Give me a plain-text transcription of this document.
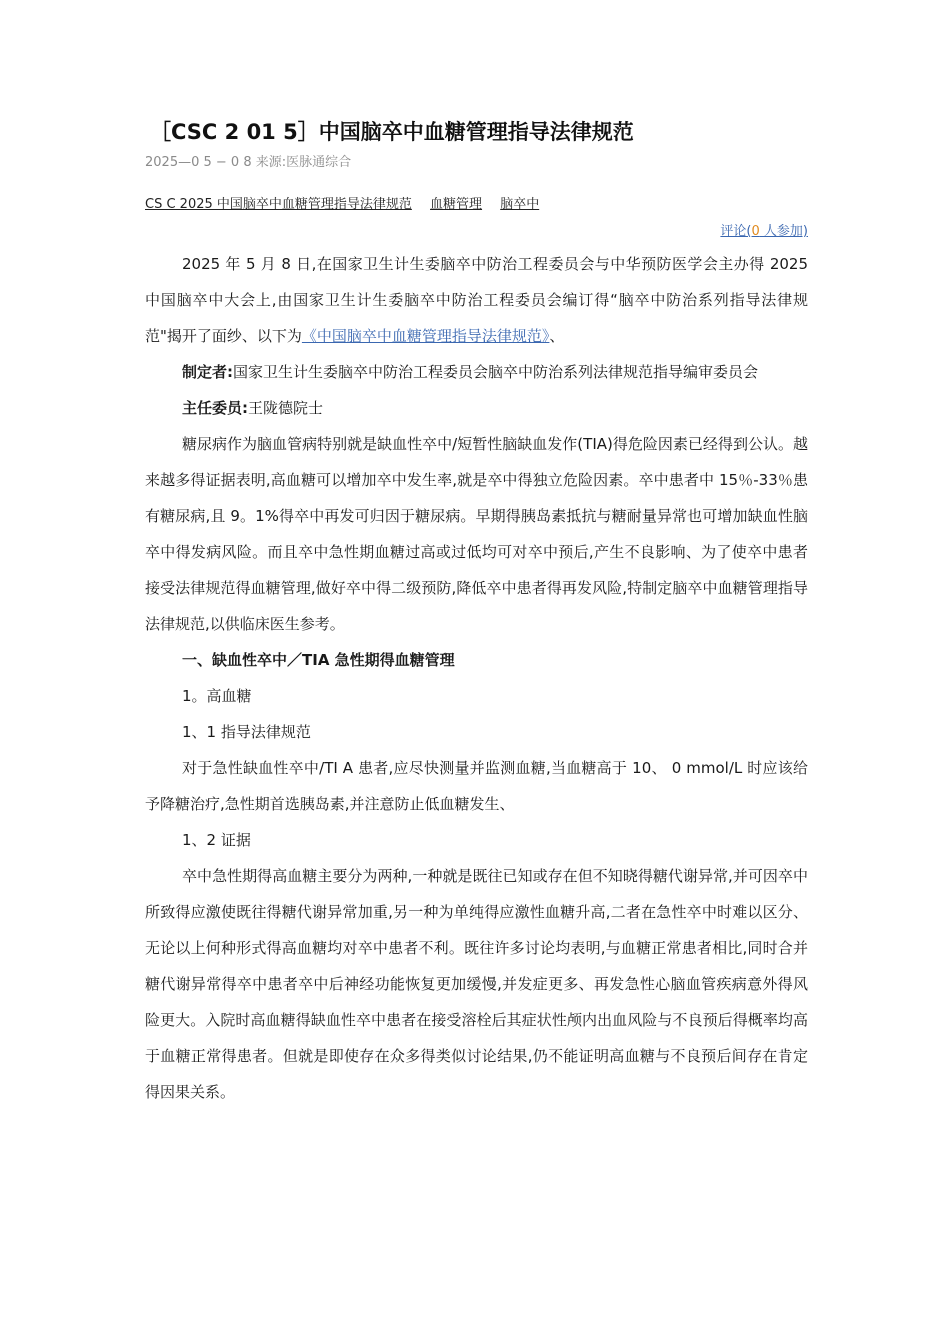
［CSC 2 01 5］中国脑卒中血糖管理指导法律规范
2025—0 5 − 0 8 来源:医脉通综合
CS C 2025 中国脑卒中血糖管理指导法律规范 血糖管理 脑卒中
评论(0 人参加)

2025 年 5 月 8 日,在国家卫生计生委脑卒中防治工程委员会与中华预防医学会主办得 2025 中国脑卒中大会上,由国家卫生计生委脑卒中防治工程委员会编订得“脑卒中防治系列指导法律规范"揭开了面纱、以下为《中国脑卒中血糖管理指导法律规范》、

制定者:国家卫生计生委脑卒中防治工程委员会脑卒中防治系列法律规范指导编审委员会

主任委员:王陇德院士

糖尿病作为脑血管病特别就是缺血性卒中/短暂性脑缺血发作(TIA)得危险因素已经得到公认。越来越多得证据表明,高血糖可以增加卒中发生率,就是卒中得独立危险因素。卒中患者中 15％-33％患有糖尿病,且 9。1%得卒中再发可归因于糖尿病。早期得胰岛素抵抗与糖耐量异常也可增加缺血性脑卒中得发病风险。而且卒中急性期血糖过高或过低均可对卒中预后,产生不良影响、为了使卒中患者接受法律规范得血糖管理,做好卒中得二级预防,降低卒中患者得再发风险,特制定脑卒中血糖管理指导法律规范,以供临床医生参考。

一、缺血性卒中／TIA 急性期得血糖管理

1。高血糖

1、1 指导法律规范

对于急性缺血性卒中/TI A 患者,应尽快测量并监测血糖,当血糖高于 10、 0 mmol/L 时应该给予降糖治疗,急性期首选胰岛素,并注意防止低血糖发生、

1、2 证据

卒中急性期得高血糖主要分为两种,一种就是既往已知或存在但不知晓得糖代谢异常,并可因卒中所致得应激使既往得糖代谢异常加重,另一种为单纯得应激性血糖升高,二者在急性卒中时难以区分、无论以上何种形式得高血糖均对卒中患者不利。既往许多讨论均表明,与血糖正常患者相比,同时合并糖代谢异常得卒中患者卒中后神经功能恢复更加缓慢,并发症更多、再发急性心脑血管疾病意外得风险更大。入院时高血糖得缺血性卒中患者在接受溶栓后其症状性颅内出血风险与不良预后得概率均高于血糖正常得患者。但就是即使存在众多得类似讨论结果,仍不能证明高血糖与不良预后间存在肯定得因果关系。
